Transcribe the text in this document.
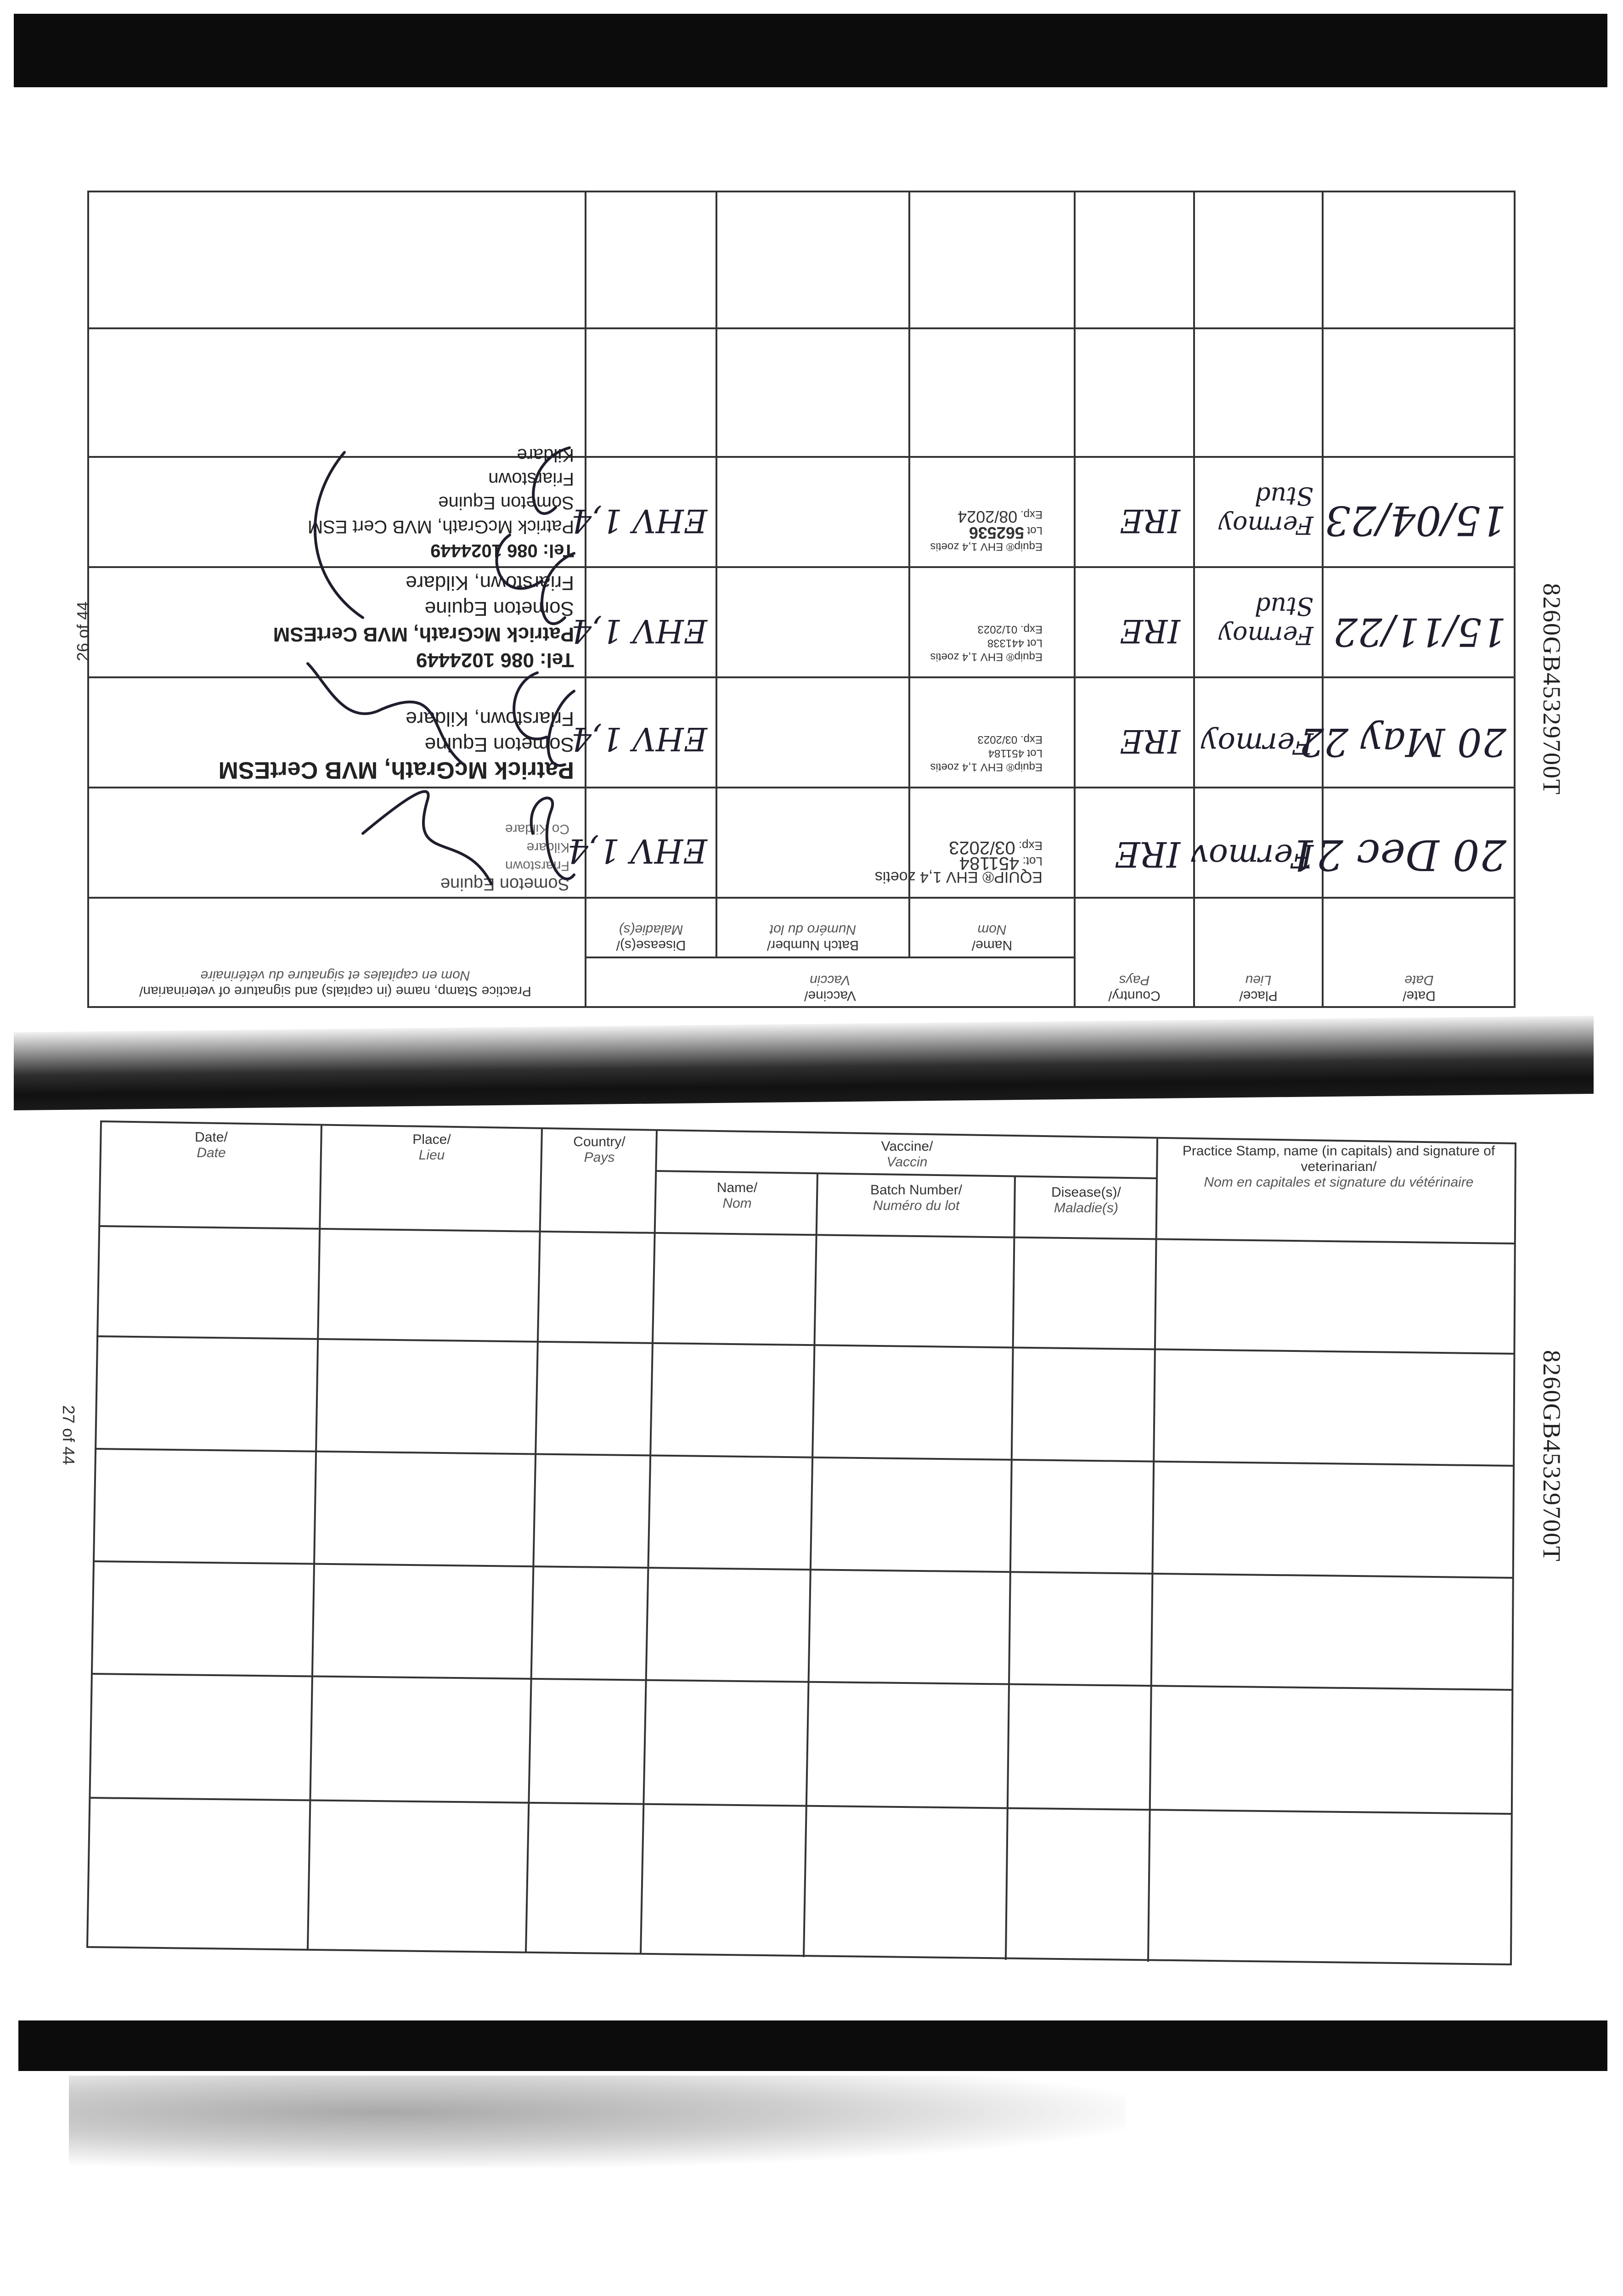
Date/
Date
Place/
Lieu
Country/
Pays
Vaccine/
Vaccin
Name/
Nom
Batch Number/
Numéro du lot
Disease(s)/
Maladie(s)
Practice Stamp, name (in capitals) and signature of veterinarian/
Nom en capitales et signature du vétérinaire
20 Dec 21
Fermov
IRE
EQUIP® EHV 1,4 zoetis
Lot: 451184
Exp: 03/2023
EHV 1,4
Someton Equine
Friarstown
Kildare
Co Kildare
20 May 22
Fermoy
IRE
Equip® EHV 1,4 zoetis
Lot 451184
Exp. 03/2023
EHV 1,4
Patrick McGrath, MVB CertESM
Someton Equine
Friarstown, Kildare
15/11/22
Fermoy Stud
IRE
Equip® EHV 1,4 zoetis
Lot 441338
Exp. 01/2023
EHV 1,4
Tel: 086 1024449
Patrick McGrath, MVB CertESM
Someton Equine
Friarstown, Kildare
15/04/23
Fermoy Stud
IRE
Equip® EHV 1,4 zoetis
Lot 562536
Exp. 08/2024
EHV 1,4
Tel: 086 1024449
Patrick McGrath, MVB Cert ESM
Someton Equine
Friarstown
Kildare
Date/
Date
Place/
Lieu
Country/
Pays
Vaccine/
Vaccin
Name/
Nom
Batch Number/
Numéro du lot
Disease(s)/
Maladie(s)
Practice Stamp, name (in capitals) and signature of veterinarian/
Nom en capitales et signature du vétérinaire
8260GB45329700T
8260GB45329700T
26 of 44
27 of 44
